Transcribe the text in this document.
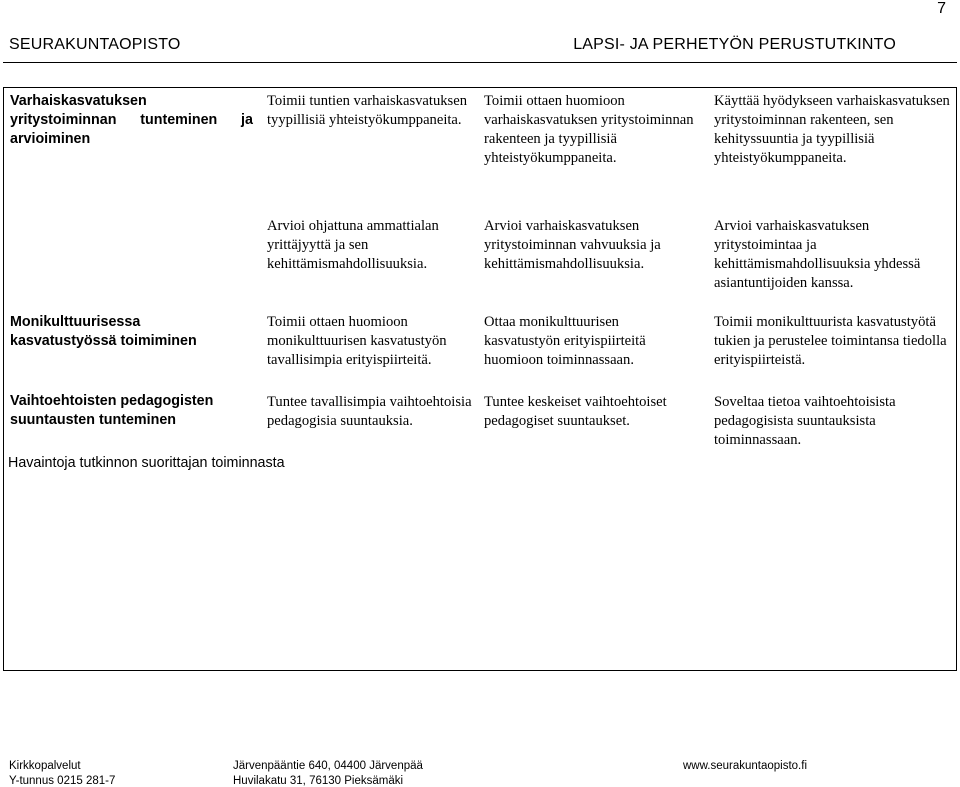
7
SEURAKUNTAOPISTO	LAPSI- JA PERHETYÖN PERUSTUTKINTO
Varhaiskasvatuksen yritystoiminnan tunteminen ja arvioiminen
Toimii tuntien varhaiskasvatuksen tyypillisiä yhteistyökumppaneita.
Toimii ottaen huomioon varhaiskasvatuksen yritystoiminnan rakenteen ja tyypillisiä yhteistyökumppaneita.
Käyttää hyödykseen varhaiskasvatuksen yritystoiminnan rakenteen, sen kehityssuuntia ja tyypillisiä yhteistyökumppaneita.
Arvioi ohjattuna ammattialan yrittäjyyttä ja sen kehittämismahdollisuuksia.
Arvioi varhaiskasvatuksen yritystoiminnan vahvuuksia ja kehittämismahdollisuuksia.
Arvioi varhaiskasvatuksen yritystoimintaa ja kehittämismahdollisuuksia yhdessä asiantuntijoiden kanssa.
Monikulttuurisessa kasvatustyössä toimiminen
Toimii ottaen huomioon monikulttuurisen kasvatustyön tavallisimpia erityispiirteitä.
Ottaa monikulttuurisen kasvatustyön erityispiirteitä huomioon toiminnassaan.
Toimii monikulttuurista kasvatustyötä tukien ja perustelee toimintansa tiedolla erityispiirteistä.
Vaihtoehtoisten pedagogisten suuntausten tunteminen
Tuntee tavallisimpia vaihtoehtoisia pedagogisia suuntauksia.
Tuntee keskeiset vaihtoehtoiset pedagogiset suuntaukset.
Soveltaa tietoa vaihtoehtoisista pedagogisista suuntauksista toiminnassaan.
Havaintoja tutkinnon suorittajan toiminnasta
Kirkkopalvelut
Y-tunnus 0215 281-7
Järvenpääntie 640, 04400 Järvenpää
Huvilakatu 31, 76130 Pieksämäki
www.seurakuntaopisto.fi
